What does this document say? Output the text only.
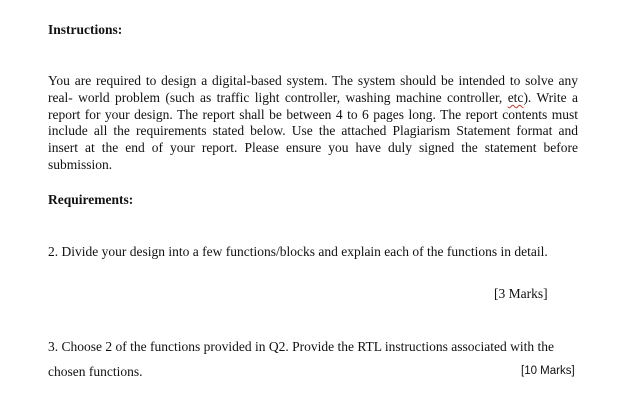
Instructions:
You are required to design a digital-based system. The system should be intended to solve any real- world problem (such as traffic light controller, washing machine controller, etc). Write a report for your design. The report shall be between 4 to 6 pages long. The report contents must include all the requirements stated below. Use the attached Plagiarism Statement format and insert at the end of your report. Please ensure you have duly signed the statement before submission.
Requirements:
2. Divide your design into a few functions/blocks and explain each of the functions in detail.
[3 Marks]
3. Choose 2 of the functions provided in Q2. Provide the RTL instructions associated with the
chosen functions.	[10 Marks]
